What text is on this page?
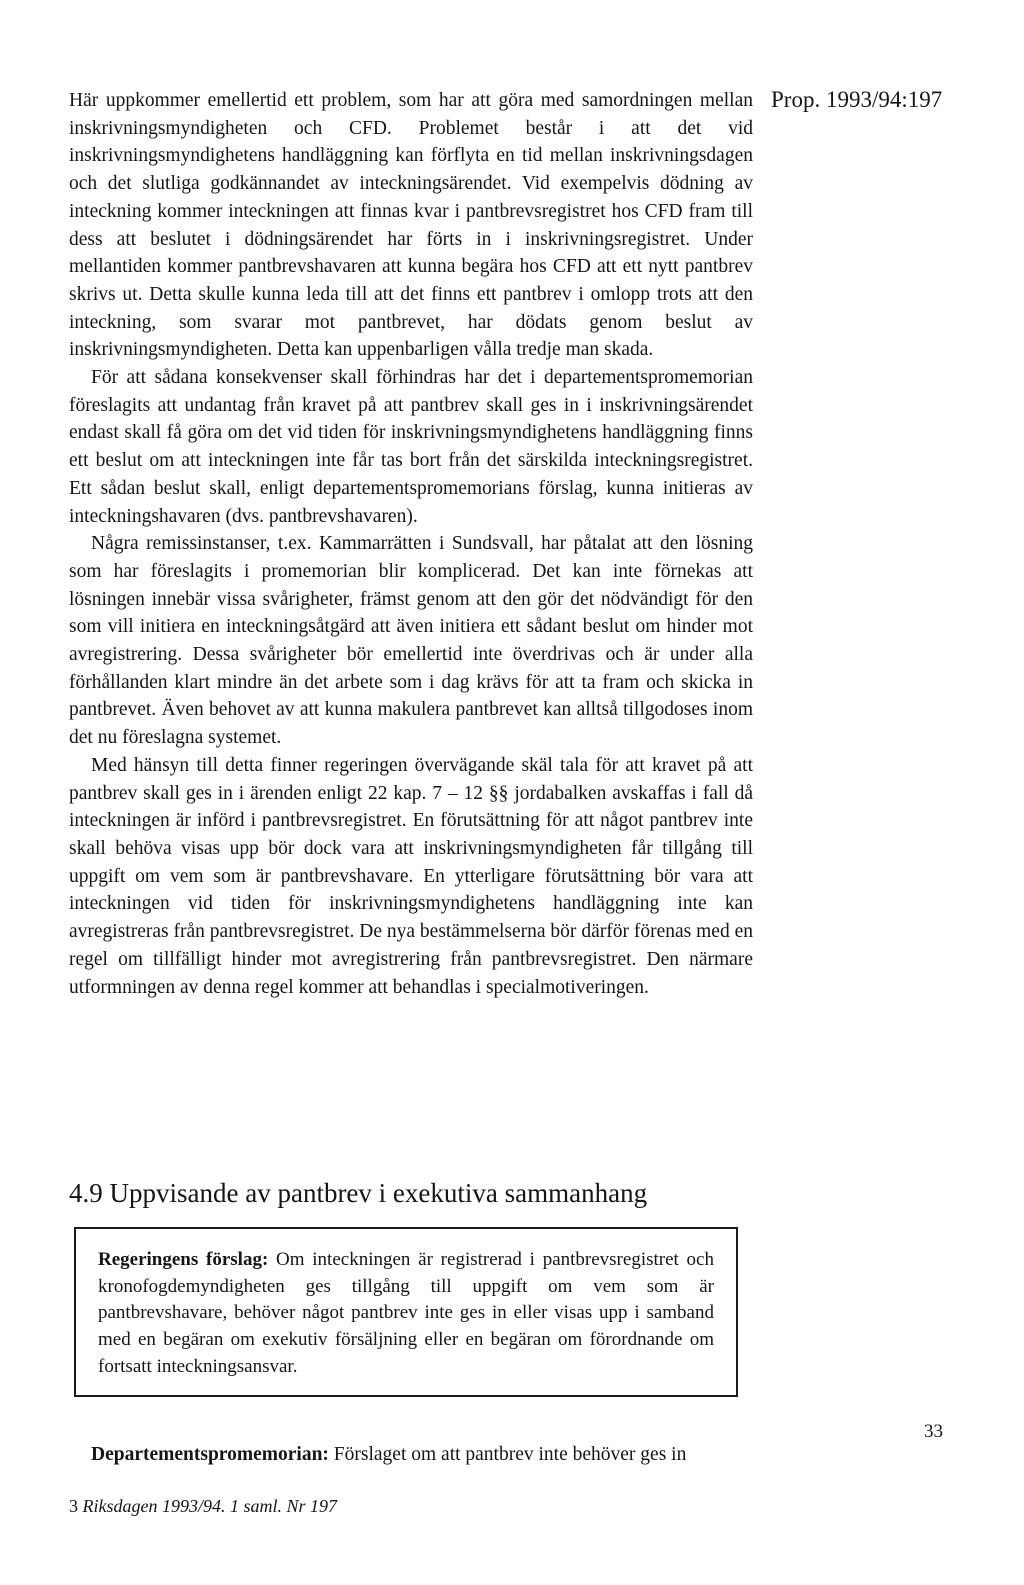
Prop. 1993/94:197

Här uppkommer emellertid ett problem, som har att göra med samordningen mellan inskrivningsmyndigheten och CFD. Problemet består i att det vid inskrivningsmyndighetens handläggning kan förflyta en tid mellan inskrivningsdagen och det slutliga godkännandet av inteckningsärendet. Vid exempelvis dödning av inteckning kommer inteckningen att finnas kvar i pantbrevsregistret hos CFD fram till dess att beslutet i dödningsärendet har förts in i inskrivningsregistret. Under mellantiden kommer pantbrevshavaren att kunna begära hos CFD att ett nytt pantbrev skrivs ut. Detta skulle kunna leda till att det finns ett pantbrev i omlopp trots att den inteckning, som svarar mot pantbrevet, har dödats genom beslut av inskrivningsmyndigheten. Detta kan uppenbarligen vålla tredje man skada.

För att sådana konsekvenser skall förhindras har det i departementspromemorian föreslagits att undantag från kravet på att pantbrev skall ges in i inskrivningsärendet endast skall få göra om det vid tiden för inskrivningsmyndighetens handläggning finns ett beslut om att inteckningen inte får tas bort från det särskilda inteckningsregistret. Ett sådan beslut skall, enligt departementspromemorians förslag, kunna initieras av inteckningshavaren (dvs. pantbrevshavaren).

Några remissinstanser, t.ex. Kammarrätten i Sundsvall, har påtalat att den lösning som har föreslagits i promemorian blir komplicerad. Det kan inte förnekas att lösningen innebär vissa svårigheter, främst genom att den gör det nödvändigt för den som vill initiera en inteckningsåtgärd att även initiera ett sådant beslut om hinder mot avregistrering. Dessa svårigheter bör emellertid inte överdrivas och är under alla förhållanden klart mindre än det arbete som i dag krävs för att ta fram och skicka in pantbrevet. Även behovet av att kunna makulera pantbrevet kan alltså tillgodoses inom det nu föreslagna systemet.

Med hänsyn till detta finner regeringen övervägande skäl tala för att kravet på att pantbrev skall ges in i ärenden enligt 22 kap. 7 – 12 §§ jordabalken avskaffas i fall då inteckningen är införd i pantbrevsregistret. En förutsättning för att något pantbrev inte skall behöva visas upp bör dock vara att inskrivningsmyndigheten får tillgång till uppgift om vem som är pantbrevshavare. En ytterligare förutsättning bör vara att inteckningen vid tiden för inskrivningsmyndighetens handläggning inte kan avregistreras från pantbrevsregistret. De nya bestämmelserna bör därför förenas med en regel om tillfälligt hinder mot avregistrering från pantbrevsregistret. Den närmare utformningen av denna regel kommer att behandlas i specialmotiveringen.

4.9 Uppvisande av pantbrev i exekutiva sammanhang

Regeringens förslag: Om inteckningen är registrerad i pantbrevsregistret och kronofogdemyndigheten ges tillgång till uppgift om vem som är pantbrevshavare, behöver något pantbrev inte ges in eller visas upp i samband med en begäran om exekutiv försäljning eller en begäran om förordnande om fortsatt inteckningsansvar.

Departementspromemorian: Förslaget om att pantbrev inte behöver ges in
33
3 Riksdagen 1993/94. 1 saml. Nr 197
